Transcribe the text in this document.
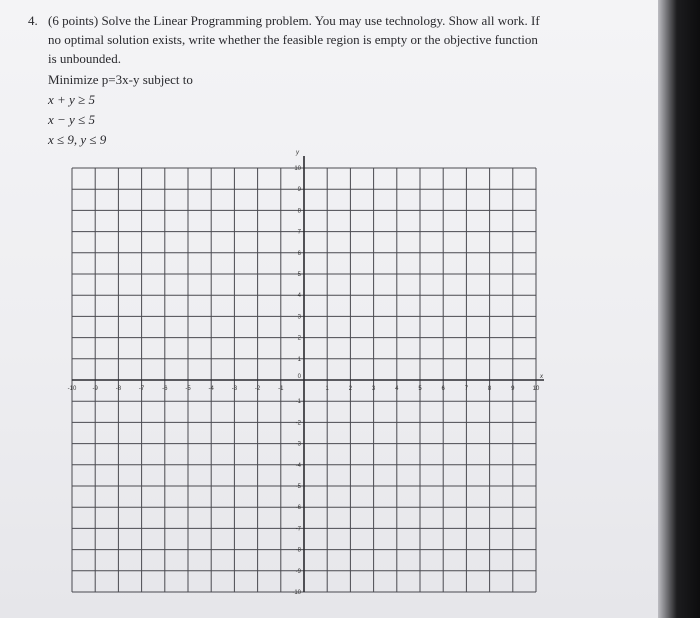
4. (6 points) Solve the Linear Programming problem. You may use technology. Show all work. If
no optimal solution exists, write whether the feasible region is empty or the objective function
is unbounded.
Minimize p=3x-y subject to
x + y ≥ 5
x − y ≤ 5
x ≤ 9, y ≤ 9
-10	-9	-8	-7	-6	-5	-4	-3	-2	-1	1	2	3	4	5	6	7	8	9	10
10
9
8
7
6
5
4
3
2
1
-1
-2
-3
-4
-5
-6
-7
-8
-9
-10
x
y
0
